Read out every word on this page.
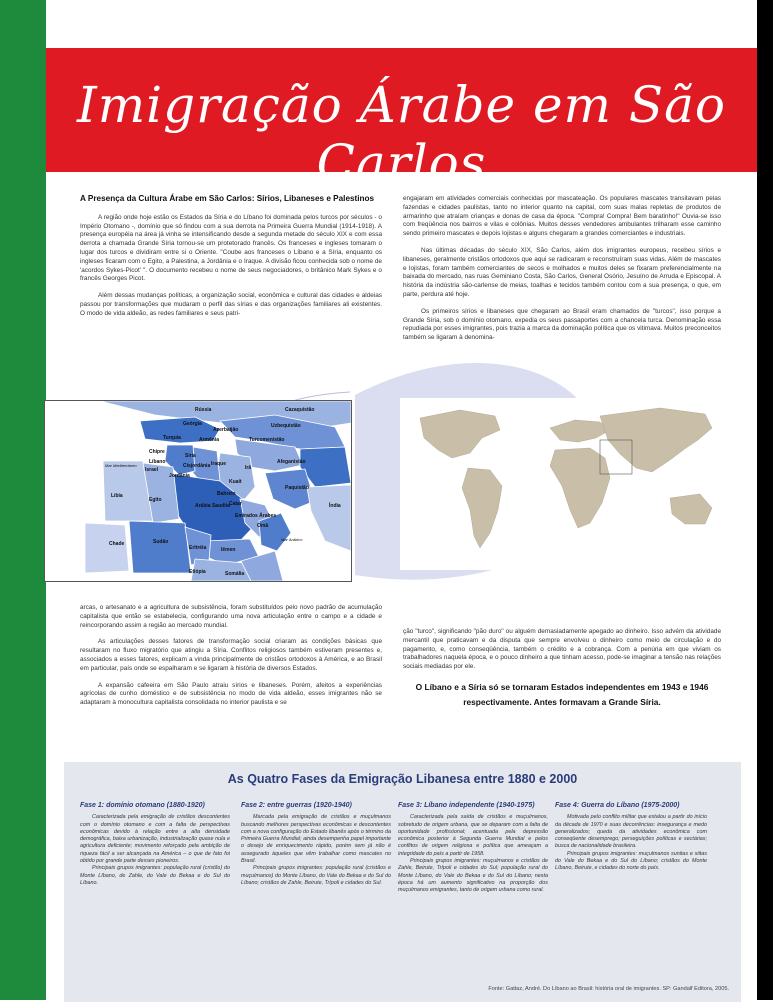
Imigração Árabe em São Carlos
A Presença da Cultura Árabe em São Carlos: Sírios, Libaneses e Palestinos

A região onde hoje estão os Estados da Síria e do Líbano foi dominada pelos turcos por séculos - o Império Otomano -, domínio que só findou com a sua derrota na Primeira Guerra Mundial (1914-1918). A presença européia na área já vinha se intensificando desde a segunda metade do século XIX e com essa derrota a chamada Grande Síria tornou-se um protetorado francês. Os franceses e ingleses tomaram o lugar dos turcos e dividiram entre si o Oriente. "Coube aos franceses o Líbano e a Síria, enquanto os ingleses ficaram com o Egito, a Palestina, a Jordânia e o Iraque. A divisão ficou conhecida sob o nome de 'acordos Sykes-Picot' ". O documento recebeu o nome de seus negociadores, o britânico Mark Sykes e o francês Georges Picot.

Além dessas mudanças políticas, a organização social, econômica e cultural das cidades e aldeias passou por transformações que mudaram o perfil das sírias e das organizações familiares ali existentes. O modo de vida aldeão, as redes familiares e seus patri-

engajaram em atividades comerciais conhecidas por mascateação. Os populares mascates transitavam pelas fazendas e cidades paulistas, tanto no interior quanto na capital, com suas malas repletas de produtos de armarinho que atraíam crianças e donas de casa da época. "Compra! Compra! Bem baratinho!" Ouvia-se isso com freqüência nos bairros e vilas e colônias. Muitos desses vendedores ambulantes trilharam esse caminho sendo primeiro mascates e depois lojistas e alguns chegaram a grandes comerciantes e industriais.

Nas últimas décadas do século XIX, São Carlos, além dos imigrantes europeus, recebeu sírios e libaneses, geralmente cristãos ortodoxos que aqui se radicaram e reconstruíram suas vidas. Além de mascates e lojistas, foram também comerciantes de secos e molhados e muitos deles se fixaram preferencialmente na baixada do mercado, nas ruas Geminiano Costa, São Carlos, General Osório, Jesuíno de Arruda e Episcopal. A história da indústria são-carlense de meias, toalhas e tecidos também contou com a sua presença, o que, em parte, perdura até hoje.

Os primeiros sírios e libaneses que chegaram ao Brasil eram chamados de "turcos", isso porque a Grande Síria, sob o domínio otomano, expedia os seus passaportes com a chancela turca. Denominação essa repudiada por esses imigrantes, pois trazia a marca da dominação política que os vitimava. Muitos preconceitos também se ligaram à denomina-

Rússia
Geórgia
Azerbaijão
Cazaquistão
Uzbequistão
Turquia	Armênia	Turcomenistão
Chipre
Síria
Líbano
Mar Mediterrâneo
Israel
Cisjordânia
Jordânia
Iraque
Irã
Afeganistão
Kuait
Bahrein
Paquistão
Líbia
Egito
Arábia Saudita
Catar
Emirados Árabes
Omã
Índia
Chade	Sudão
Eritréia	Iêmen
Mar Arábico
Etiópia	Somália

arcas, o artesanato e a agricultura de subsistência, foram substituídos pelo novo padrão de acumulação capitalista que então se estabelecia, configurando uma nova articulação entre o campo e a cidade e reincorporando assim a região ao mercado mundial.

As articulações desses fatores de transformação social criaram as condições básicas que resultaram no fluxo migratório que atingiu a Síria. Conflitos religiosos também estiveram presentes e, associados a esses fatores, explicam a vinda principalmente de cristãos ortodoxos à América, e ao Brasil em particular, país onde se espalharam e se ligaram à história de diversos Estados.

A expansão cafeeira em São Paulo atraiu sírios e libaneses. Porém, afeitos a experiências agrícolas de cunho doméstico e de subsistência no modo de vida aldeão, esses imigrantes não se adaptaram à monocultura capitalista consolidada no interior paulista e se

ção "turco", significando "pão duro" ou alguém demasiadamente apegado ao dinheiro. Isso advém da atividade mercantil que praticavam e da disputa que sempre envolveu o dinheiro como meio de circulação e do pagamento, e, como conseqüência, também o crédito e a cobrança. Com a penúria em que viviam os trabalhadores naquela época, e o pouco dinheiro a que tinham acesso, pode-se imaginar a tensão nas relações sociais mediadas por ele.

O Líbano e a Síria só se tornaram Estados independentes em 1943 e 1946 respectivamente. Antes formavam a Grande Síria.
As Quatro Fases da Emigração Libanesa entre 1880 e 2000
Fase 1: domínio otomano (1880-1920)

Caracterizada pela emigração de cristãos descontentes com o domínio otomano e com a falta de perspectivas econômicas devido à relação entre a alta densidade demográfica, baixa urbanização, industrialização quase nula e agricultura deficiente; movimento reforçado pela ambição de riqueza fácil a ser alcançada na América – o que de fato foi obtido por grande parte desses pioneiros.

Principais grupos imigrantes: população rural (cristãs) do Monte Líbano, de Zahle, do Vale do Bekaa e do Sul do Líbano.

Fase 2: entre guerras (1920-1940)

Marcada pela emigração de cristãos e muçulmanos buscando melhores perspectivas econômicas e descontentes com a nova configuração do Estado libanês após o término da Primeira Guerra Mundial; ainda desempenha papel importante o desejo de enriquecimento rápido, porém sem já não é assegurado àqueles que vêm trabalhar como mascates no Brasil.

Principais grupos imigrantes: população rural (cristãos e muçulmanos) do Monte Líbano, do Vale do Bekaa e do Sul do Líbano; cristãos de Zahle, Beirute, Trípoli e cidades do Sul.

Fase 3: Líbano independente (1940-1975)

Caracterizada pela saída de cristãos e muçulmanos, sobretudo de origem urbana, que se deparam com a falta de oportunidade profissional; acentuada pela depressão econômica posterior à Segunda Guerra Mundial e pelos conflitos de origem religiosa e política que ameaçam a integridade do país a partir de 1958.

Principais grupos imigrantes: muçulmanos e cristãos de Zahle, Beirute, Trípoli e cidades do Sul; população rural do Monte Líbano, do Vale do Bekaa e do Sul do Líbano; nesta época há um aumento significativo na proporção dos muçulmanos emigrantes, tanto de origem urbana como rural.

Fase 4: Guerra do Líbano (1975-2000)

Motivada pelo conflito militar que estalou a partir do início da década de 1970 e suas decorrências: insegurança e medo generalizados; queda da atividades econômica com conseqüente desemprego; perseguições políticas e sectárias; busca de nacionalidade brasileira.

Principais grupos imigrantes: muçulmanos sunitas e xiitas do Vale do Bekaa e do Sul do Líbano; cristãos do Monte Líbano, Beirute, e cidades do norte do país.

Fonte: Gattaz, André. Do Líbano ao Brasil: história oral de imigrantes. SP: Gandalf Editora, 2005.
